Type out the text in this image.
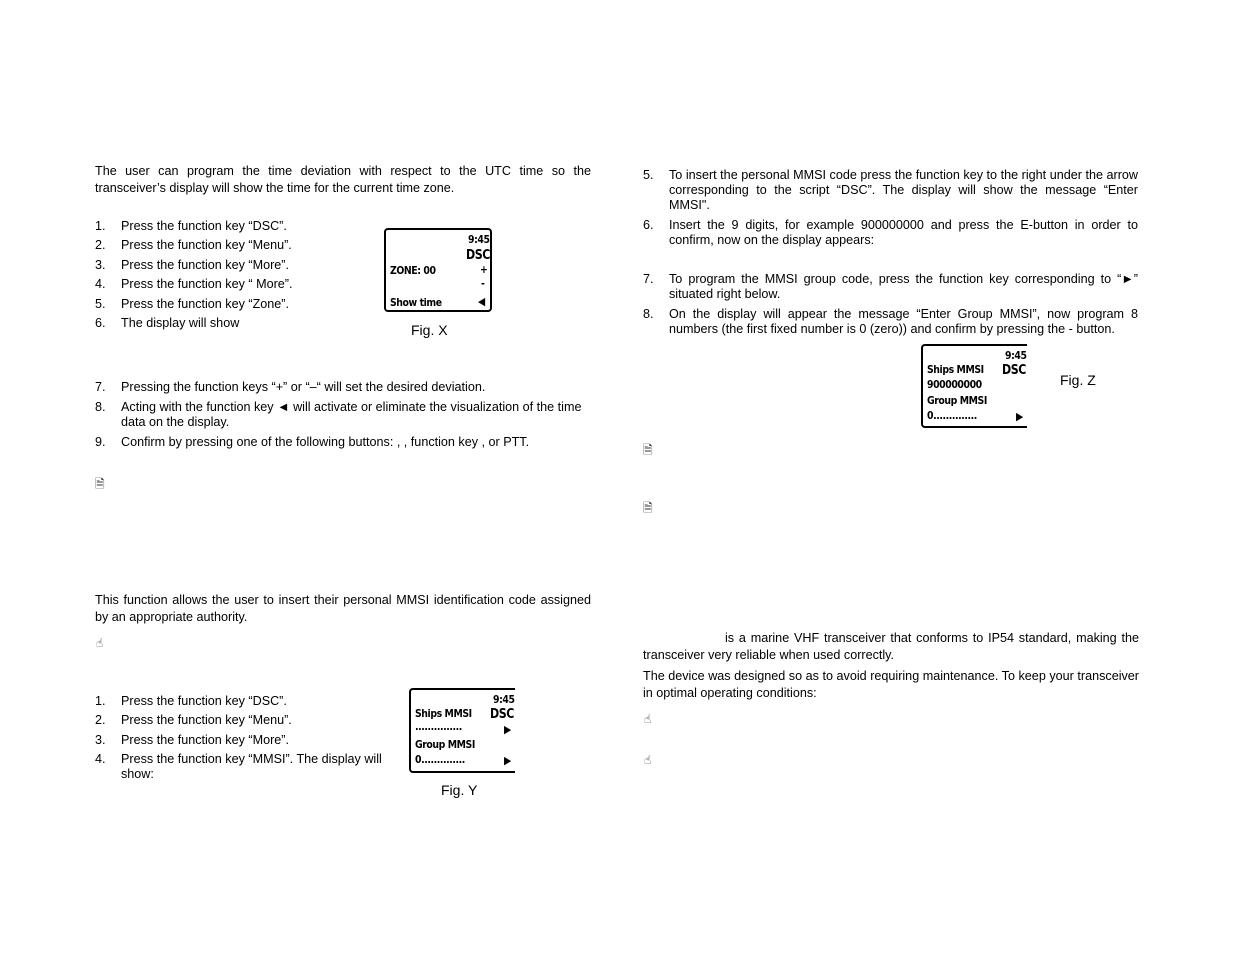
The user can program the time deviation with respect to the UTC time so the transceiver’s display will show the time for the current time zone.
1. Press the function key “DSC”.
2. Press the function key “Menu”.
3. Press the function key “More”.
4. Press the function key “ More”.
5. Press the function key “Zone”.
6. The display will show
9:45
DSC
ZONE: 00	+
-
Show time	◀
Fig. X
7. Pressing the function keys “+” or “–“ will set the desired deviation.
8. Acting with the function key ◄ will activate or eliminate the visualization of the time data on the display.
9. Confirm by pressing one of the following buttons: , , function key , or PTT.
🗎
This function allows the user to insert their personal MMSI identification code assigned by an appropriate authority.
☝
1. Press the function key “DSC”.
2. Press the function key “Menu”.
3. Press the function key “More”.
4. Press the function key “MMSI”. The display will show:
9:45
Ships MMSI DSC
...............	▶
Group MMSI
0..............	▶
Fig. Y
5. To insert the personal MMSI code press the function key to the right under the arrow corresponding to the script “DSC”. The display will show the message “Enter MMSI".
6. Insert the 9 digits, for example 900000000 and press the E-button in order to confirm, now on the display appears:
7. To program the MMSI group code, press the function key corresponding to “►” situated right below.
8. On the display will appear the message “Enter Group MMSI”, now program 8 numbers (the first fixed number is 0 (zero)) and confirm by pressing the - button.
9:45
Ships MMSI DSC
900000000
Group MMSI
0..............	▶
Fig. Z
🗎
🗎
is a marine VHF transceiver that conforms to IP54 standard, making the transceiver very reliable when used correctly.
The device was designed so as to avoid requiring maintenance. To keep your transceiver in optimal operating conditions:
☝
☝
